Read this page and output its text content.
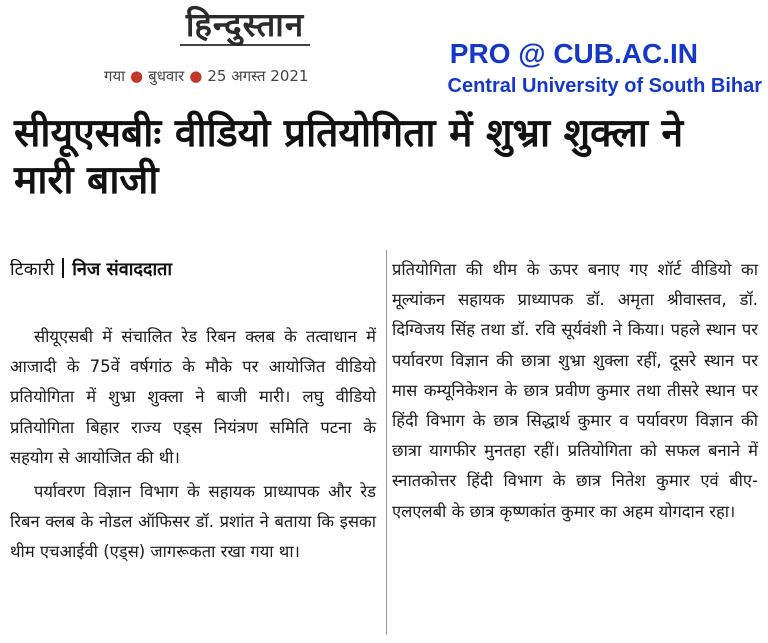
हिन्दुस्तान
गया ● बुधवार ● 25 अगस्त 2021
PRO @ CUB.AC.IN
Central University of South Bihar
सीयूएसबीः वीडियो प्रतियोगिता में शुभ्रा शुक्ला ने मारी बाजी
टिकारी निज संवाददाता

सीयूएसबी में संचालित रेड रिबन क्लब के तत्वाधान में आजादी के 75वें वर्षगांठ के मौके पर आयोजित वीडियो प्रतियोगिता में शुभ्रा शुक्ला ने बाजी मारी। लघु वीडियो प्रतियोगिता बिहार राज्य एड्स नियंत्रण समिति पटना के सहयोग से आयोजित की थी।

पर्यावरण विज्ञान विभाग के सहायक प्राध्यापक और रेड रिबन क्लब के नोडल ऑफिसर डॉ. प्रशांत ने बताया कि इसका थीम एचआईवी (एड्स) जागरूकता रखा गया था।

प्रतियोगिता की थीम के ऊपर बनाए गए शॉर्ट वीडियो का मूल्यांकन सहायक प्राध्यापक डॉ. अमृता श्रीवास्तव, डॉ. दिग्विजय सिंह तथा डॉ. रवि सूर्यवंशी ने किया। पहले स्थान पर पर्यावरण विज्ञान की छात्रा शुभ्रा शुक्ला रहीं, दूसरे स्थान पर मास कम्यूनिकेशन के छात्र प्रवीण कुमार तथा तीसरे स्थान पर हिंदी विभाग के छात्र सिद्धार्थ कुमार व पर्यावरण विज्ञान की छात्रा यागफीर मुनतहा रहीं। प्रतियोगिता को सफल बनाने में स्नातकोत्तर हिंदी विभाग के छात्र नितेश कुमार एवं बीए-एलएलबी के छात्र कृष्णकांत कुमार का अहम योगदान रहा।
